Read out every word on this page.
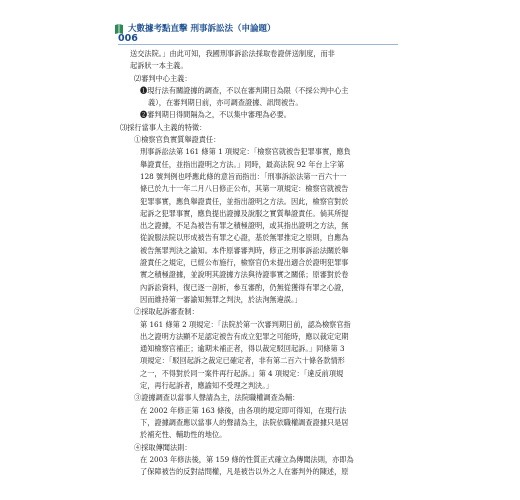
大數據考點直擊 刑事訴訟法（申論題）
006
送交法院。」由此可知，我國刑事訴訟法採取卷證併送制度，而非
起訴狀一本主義。
⑵審判中心主義：
❶現行法有關證據的調查，不以在審判期日為限（不採公判中心主
義），在審判期日前，亦可調查證據、訊問被告。
❷審判期日得間隔為之，不以集中審理為必要。
⑶採行當事人主義的特徵：
①檢察官負實質舉證責任：
刑事訴訟法第 161 條第 1 項規定：「檢察官就被告犯罪事實，應負
舉證責任，並指出證明之方法。」同時，最高法院 92 年台上字第
128 號判例也呼應此條的意旨而指出：「刑事訴訟法第一百六十一
條已於九十一年二月八日修正公布，其第一項規定：檢察官就被告
犯罪事實，應負舉證責任，並指出證明之方法。因此，檢察官對於
起訴之犯罪事實，應負提出證據及說服之實質舉證責任。倘其所提
出之證據，不足為被告有罪之積極證明，或其指出證明之方法，無
從說服法院以形成被告有罪之心證，基於無罪推定之原則，自應為
被告無罪判決之諭知。本件原審審判時，修正之刑事訴訟法關於舉
證責任之規定，已經公布施行，檢察官仍未提出適合於證明犯罪事
實之積極證據，並說明其證據方法與待證事實之關係；原審對於卷
內訴訟資料，復已逐一剖析，參互審酌，仍無從獲得有罪之心證，
因而維持第一審諭知無罪之判決，於法洵無違誤。」
②採取起訴審查制：
第 161 條第 2 項規定：「法院於第一次審判期日前，認為檢察官指
出之證明方法顯不足認定被告有成立犯罪之可能時，應以裁定定期
通知檢察官補正；逾期未補正者，得以裁定駁回起訴。」同條第 3
項規定：「駁回起訴之裁定已確定者，非有第二百六十條各款情形
之一，不得對於同一案件再行起訴。」第 4 項規定：「違反前項規
定，再行起訴者，應諭知不受理之判決。」
③證據調查以當事人聲請為主，法院職權調查為輔：
在 2002 年修正第 163 條後，由各項的規定即可得知，在現行法
下，證據調查應以當事人的聲請為主，法院依職權調查證據只是居
於補充性、輔助性的地位。
④採取傳聞法則：
在 2003 年修法後，第 159 條的性質正式確立為傳聞法則，亦即為
了保障被告的反對詰問權，凡是被告以外之人在審判外的陳述，原
